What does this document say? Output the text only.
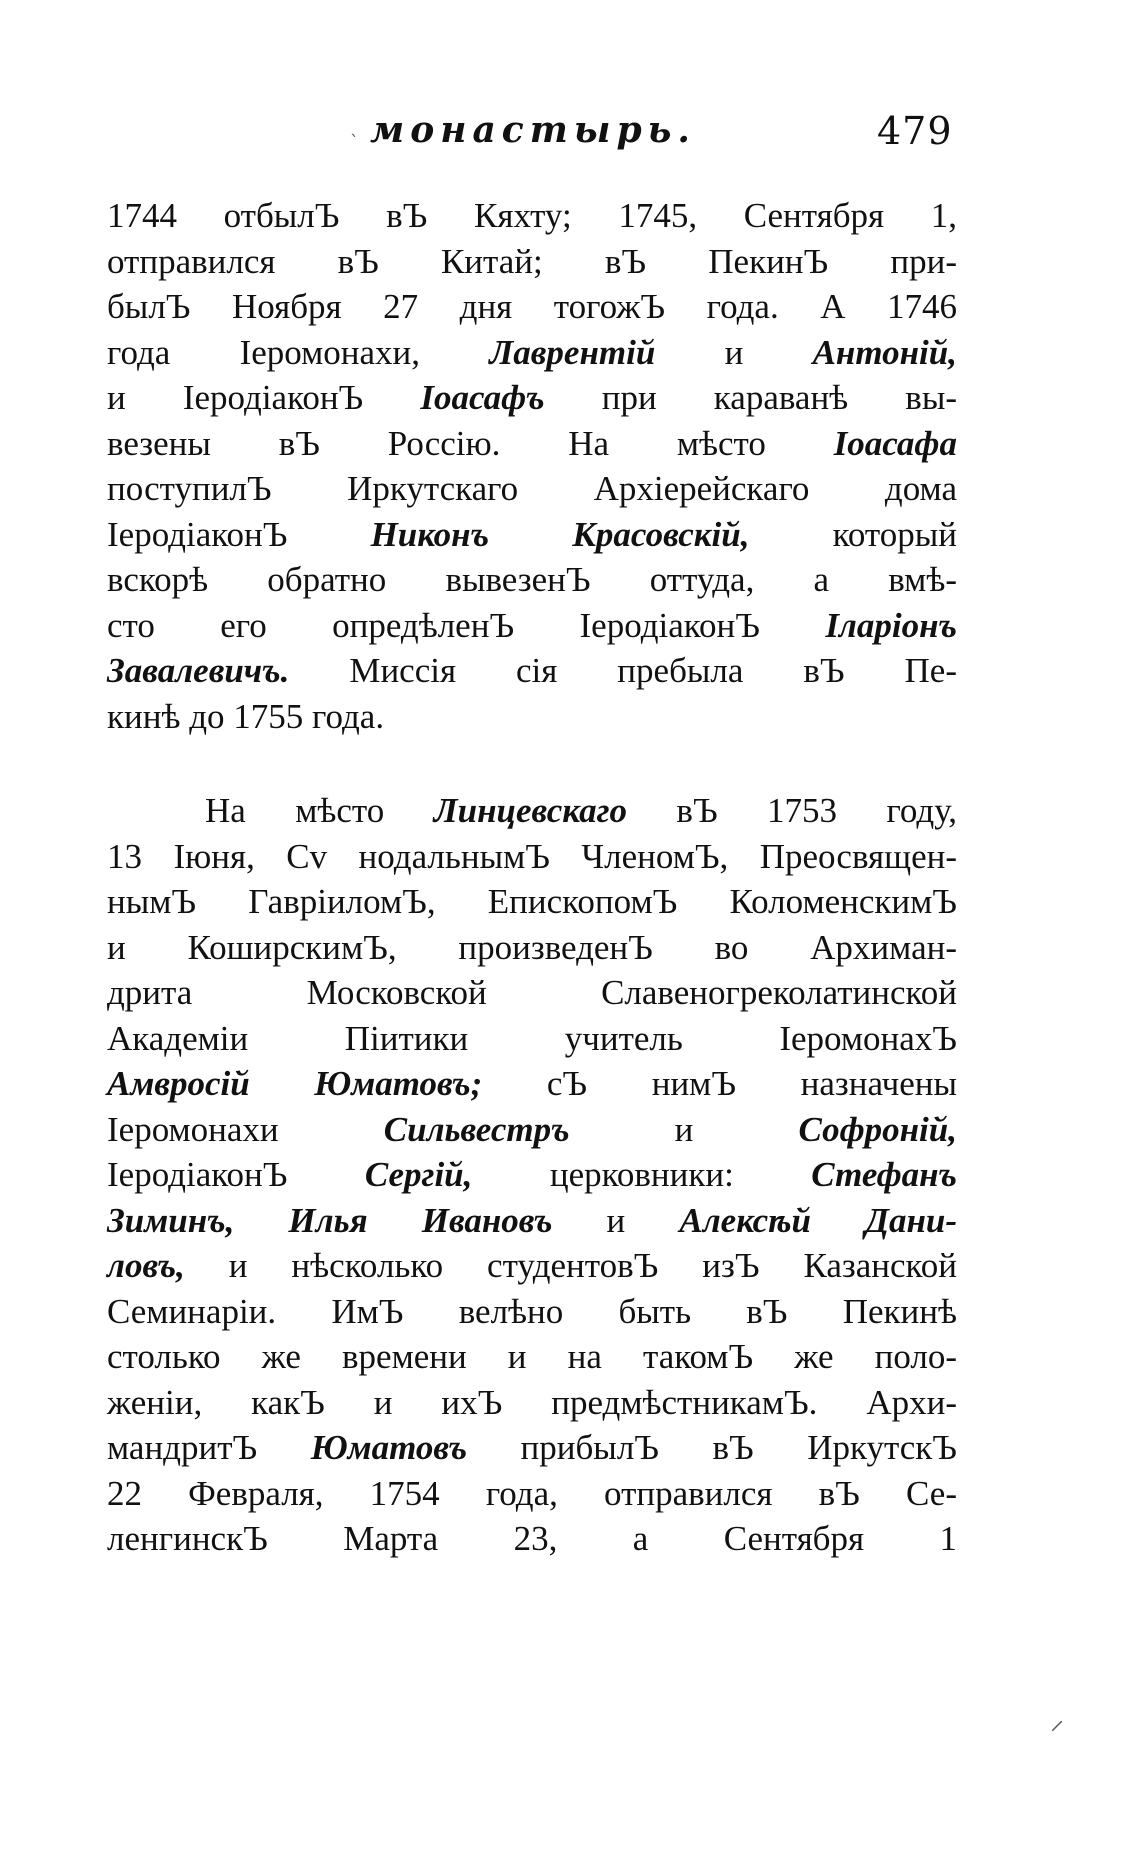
монастырь.	479
1744 отбылЪ вЪ Кяхту; 1745, Сентября 1,
отправился вЪ Китай; вЪ ПекинЪ при-
былЪ Ноября 27 дня тогожЪ года. А 1746
года Іеромонахи, Лаврентій и Антоній,
и ІеродіаконЪ Іоасафъ при караванѣ вы-
везены вЪ Россію. На мѣсто Іоасафа
поступилЪ Иркутскаго Архіерейскаго дома
ІеродіаконЪ Никонъ Красовскій, который
вскорѣ обратно вывезенЪ оттуда, а вмѣ-
сто его опредѣленЪ ІеродіаконЪ Іларіонъ
Завалевичъ. Миссія сія пребыла вЪ Пе-
кинѣ до 1755 года.
На мѣсто Линцевскаго вЪ 1753 году,
13 Іюня, Сv нодальнымЪ ЧленомЪ, Преосвящен-
нымЪ ГавріиломЪ, ЕпископомЪ КоломенскимЪ
и КоширскимЪ, произведенЪ во Архиман-
дрита Московской Славеногреколатинской
Академіи Піитики учитель ІеромонахЪ
Амвросій Юматовъ; сЪ нимЪ назначены
Іеромонахи Сильвестръ и Софроній,
ІеродіаконЪ Сергій, церковники: Стефанъ
Зиминъ, Илья Ивановъ и Алексѣй Дани-
ловъ, и нѣсколько студентовЪ изЪ Казанской
Семинаріи. ИмЪ велѣно быть вЪ Пекинѣ
столько же времени и на такомЪ же поло-
женіи, какЪ и ихЪ предмѣстникамЪ. Архи-
мандритЪ Юматовъ прибылЪ вЪ ИркутскЪ
22 Февраля, 1754 года, отправился вЪ Се-
ленгинскЪ Марта 23, а Сентября 1
`
⸝
